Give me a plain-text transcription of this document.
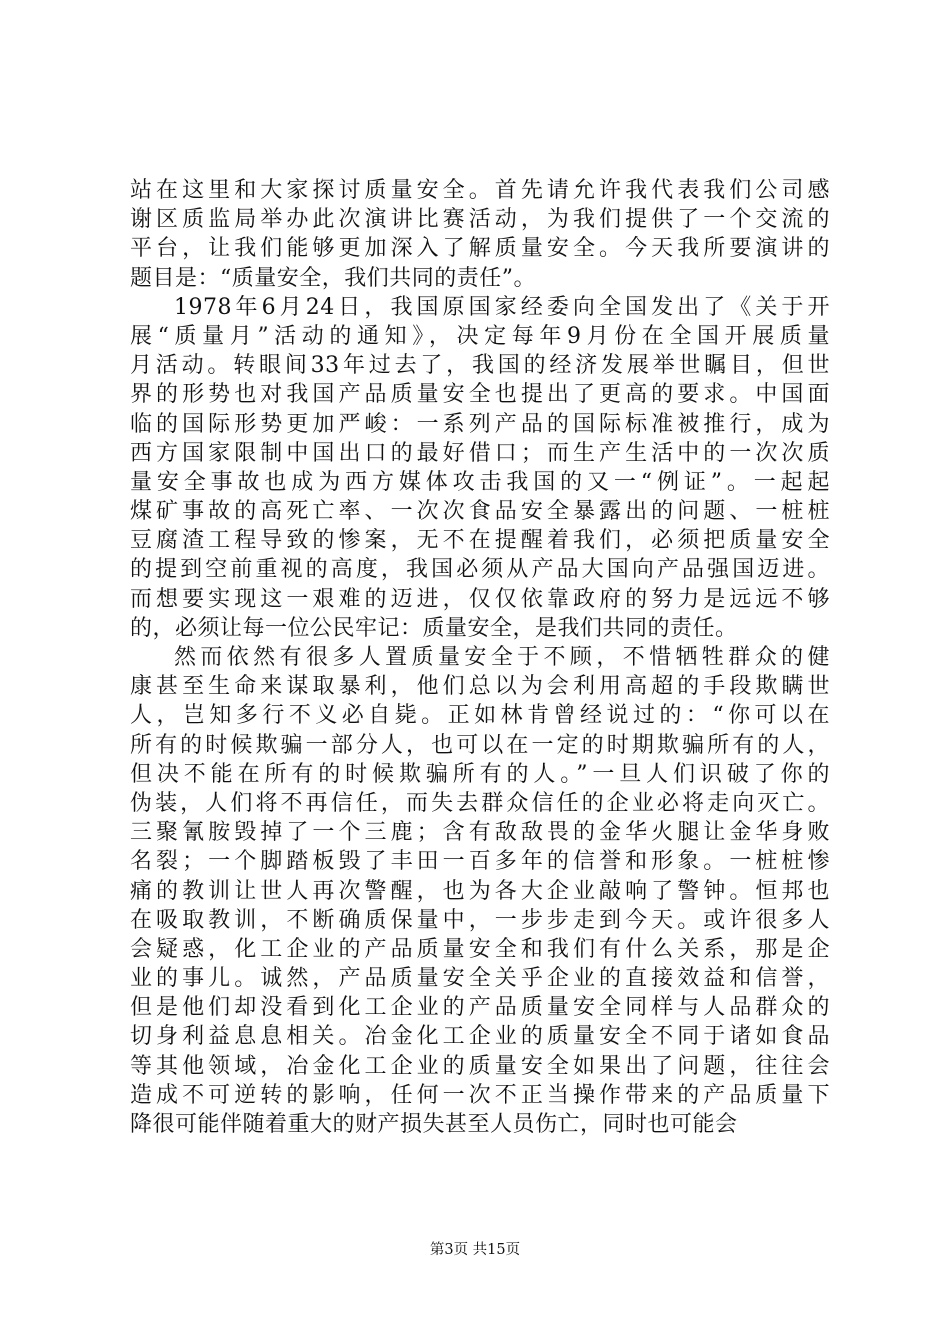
站在这里和大家探讨质量安全。首先请允许我代表我们公司感
谢区质监局举办此次演讲比赛活动，为我们提供了一个交流的
平台，让我们能够更加深入了解质量安全。今天我所要演讲的
题目是：“质量安全，我们共同的责任”。
1978年6月24日，我国原国家经委向全国发出了《关于开
展“质量月”活动的通知》，决定每年9月份在全国开展质量
月活动。转眼间33年过去了，我国的经济发展举世瞩目，但世
界的形势也对我国产品质量安全也提出了更高的要求。中国面
临的国际形势更加严峻：一系列产品的国际标准被推行，成为
西方国家限制中国出口的最好借口；而生产生活中的一次次质
量安全事故也成为西方媒体攻击我国的又一“例证”。一起起
煤矿事故的高死亡率、一次次食品安全暴露出的问题、一桩桩
豆腐渣工程导致的惨案，无不在提醒着我们，必须把质量安全
的提到空前重视的高度，我国必须从产品大国向产品强国迈进。
而想要实现这一艰难的迈进，仅仅依靠政府的努力是远远不够
的，必须让每一位公民牢记：质量安全，是我们共同的责任。
然而依然有很多人置质量安全于不顾，不惜牺牲群众的健
康甚至生命来谋取暴利，他们总以为会利用高超的手段欺瞒世
人，岂知多行不义必自毙。正如林肯曾经说过的：“你可以在
所有的时候欺骗一部分人，也可以在一定的时期欺骗所有的人，
但决不能在所有的时候欺骗所有的人。”一旦人们识破了你的
伪装，人们将不再信任，而失去群众信任的企业必将走向灭亡。
三聚氰胺毁掉了一个三鹿；含有敌敌畏的金华火腿让金华身败
名裂；一个脚踏板毁了丰田一百多年的信誉和形象。一桩桩惨
痛的教训让世人再次警醒，也为各大企业敲响了警钟。恒邦也
在吸取教训，不断确质保量中，一步步走到今天。或许很多人
会疑惑，化工企业的产品质量安全和我们有什么关系，那是企
业的事儿。诚然，产品质量安全关乎企业的直接效益和信誉，
但是他们却没看到化工企业的产品质量安全同样与人品群众的
切身利益息息相关。冶金化工企业的质量安全不同于诸如食品
等其他领域，冶金化工企业的质量安全如果出了问题，往往会
造成不可逆转的影响，任何一次不正当操作带来的产品质量下
降很可能伴随着重大的财产损失甚至人员伤亡，同时也可能会
第3页 共15页
